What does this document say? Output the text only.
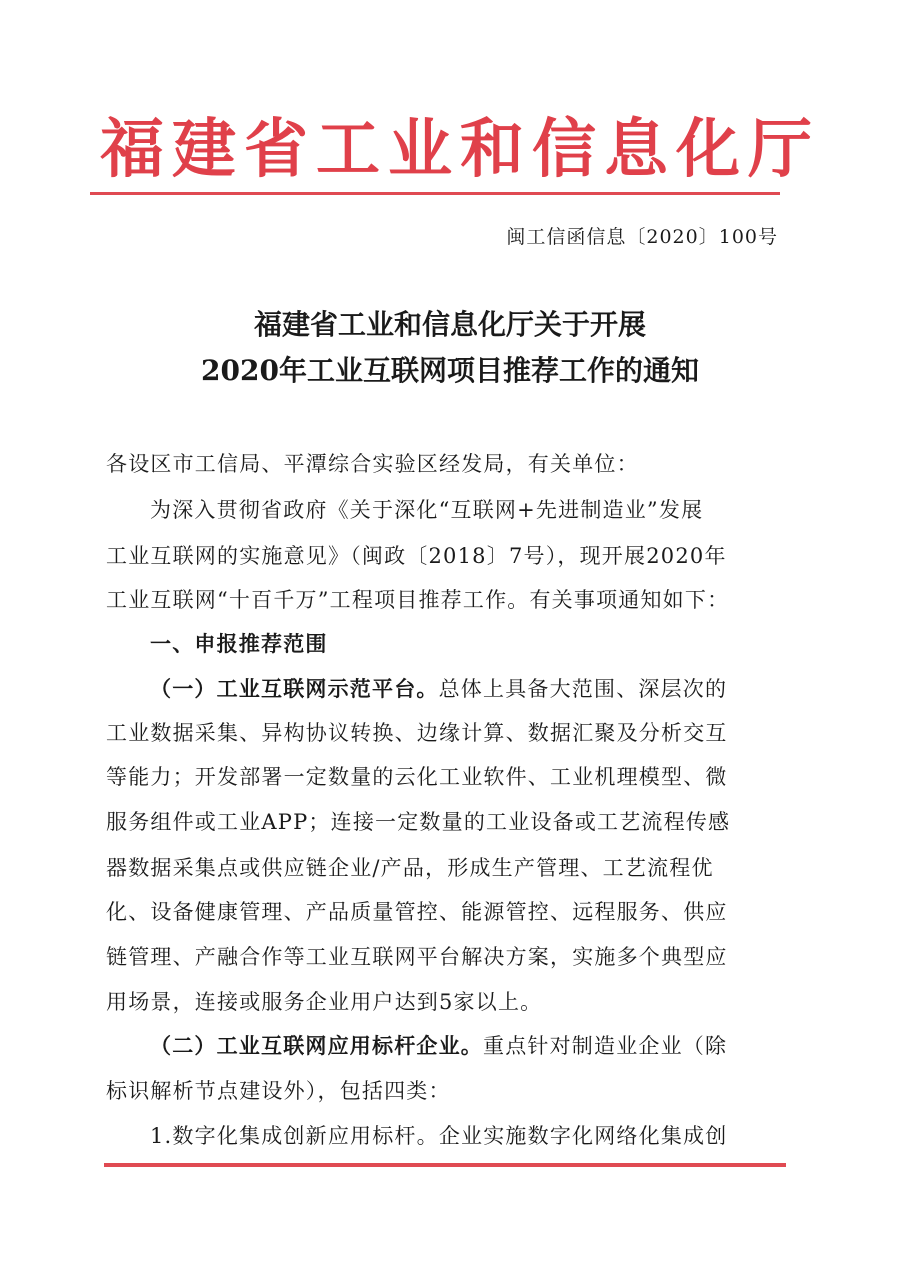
福建省工业和信息化厅
闽工信函信息〔2020〕100号
福建省工业和信息化厅关于开展
2020年工业互联网项目推荐工作的通知
各设区市工信局、平潭综合实验区经发局，有关单位：
为深入贯彻省政府《关于深化“互联网+先进制造业”发展
工业互联网的实施意见》（闽政〔2018〕7号），现开展2020年
工业互联网“十百千万”工程项目推荐工作。有关事项通知如下：
一、申报推荐范围
（一）工业互联网示范平台。总体上具备大范围、深层次的
工业数据采集、异构协议转换、边缘计算、数据汇聚及分析交互
等能力；开发部署一定数量的云化工业软件、工业机理模型、微
服务组件或工业APP；连接一定数量的工业设备或工艺流程传感
器数据采集点或供应链企业/产品，形成生产管理、工艺流程优
化、设备健康管理、产品质量管控、能源管控、远程服务、供应
链管理、产融合作等工业互联网平台解决方案，实施多个典型应
用场景，连接或服务企业用户达到5家以上。
（二）工业互联网应用标杆企业。重点针对制造业企业（除
标识解析节点建设外），包括四类：
1.数字化集成创新应用标杆。企业实施数字化网络化集成创
